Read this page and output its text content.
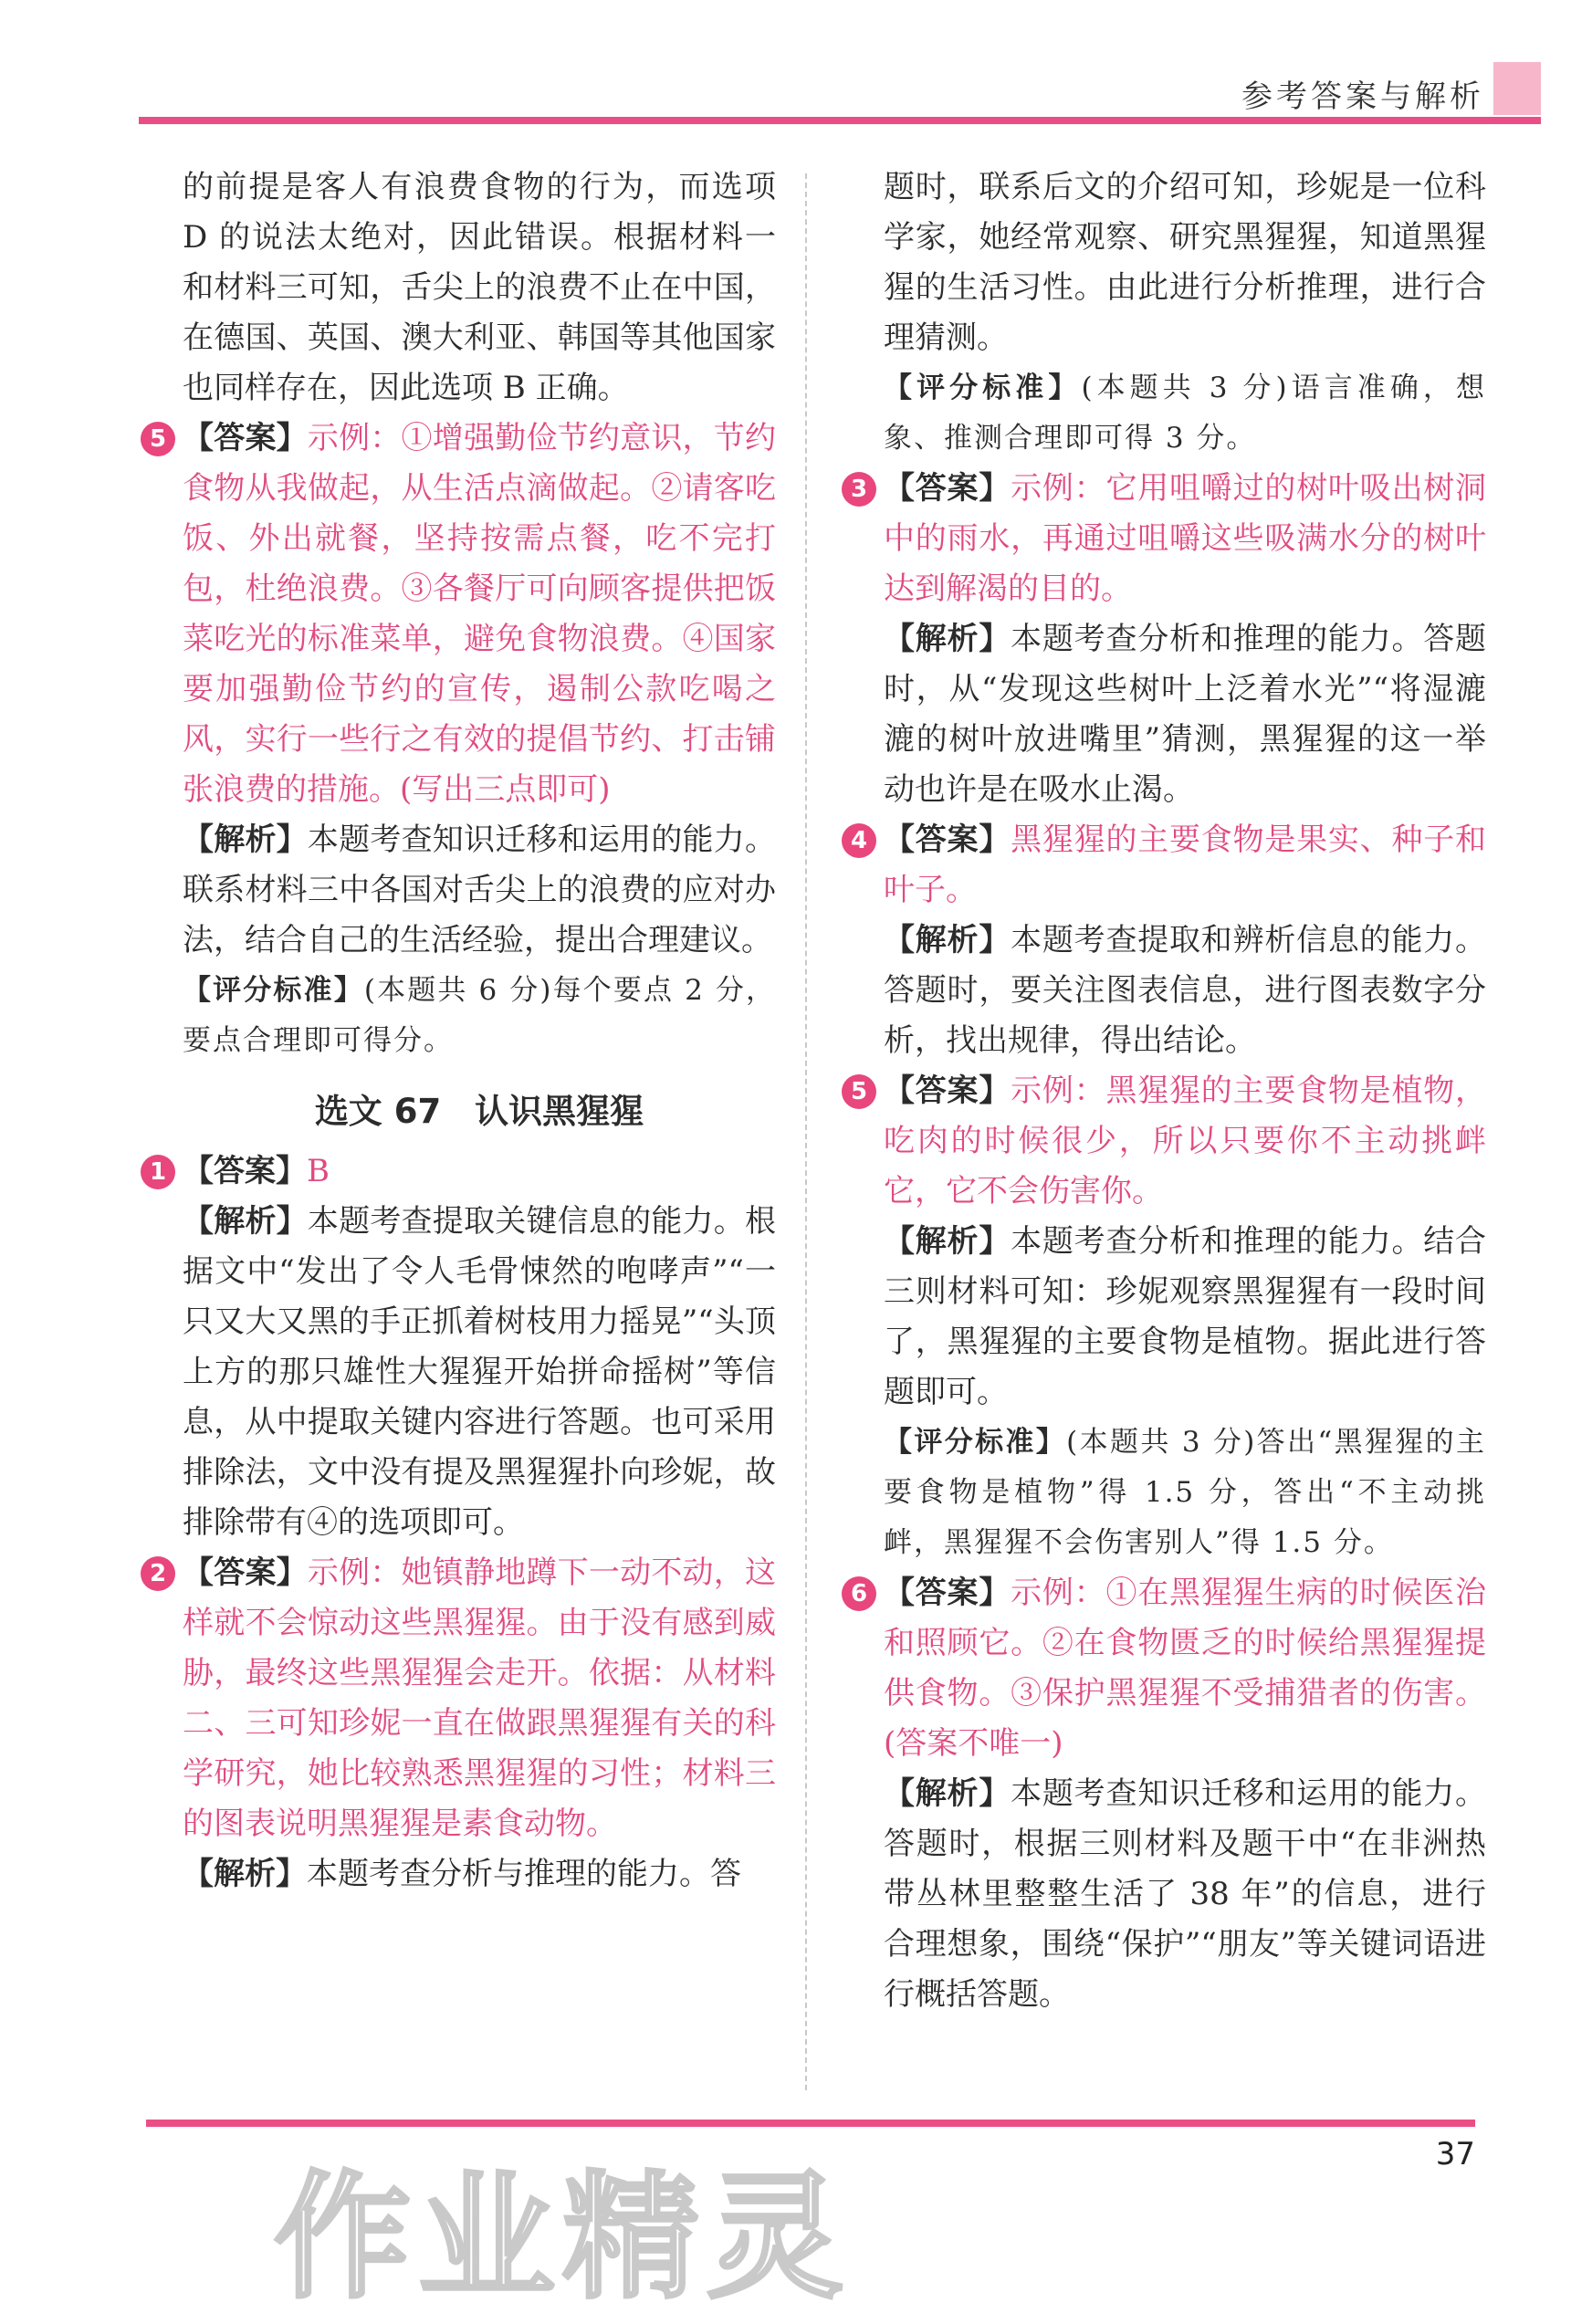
参考答案与解析

的前提是客人有浪费食物的行为，而选项 D 的说法太绝对，因此错误。根据材料一和材料三可知，舌尖上的浪费不止在中国，在德国、英国、澳大利亚、韩国等其他国家也同样存在，因此选项 B 正确。

5 【答案】示例：①增强勤俭节约意识，节约食物从我做起，从生活点滴做起。②请客吃饭、外出就餐，坚持按需点餐，吃不完打包，杜绝浪费。③各餐厅可向顾客提供把饭菜吃光的标准菜单，避免食物浪费。④国家要加强勤俭节约的宣传，遏制公款吃喝之风，实行一些行之有效的提倡节约、打击铺张浪费的措施。(写出三点即可)

【解析】本题考查知识迁移和运用的能力。联系材料三中各国对舌尖上的浪费的应对办法，结合自己的生活经验，提出合理建议。

【评分标准】(本题共 6 分)每个要点 2 分，要点合理即可得分。

选文 67　认识黑猩猩

1 【答案】B

【解析】本题考查提取关键信息的能力。根据文中“发出了令人毛骨悚然的咆哮声”“一只又大又黑的手正抓着树枝用力摇晃”“头顶上方的那只雄性大猩猩开始拼命摇树”等信息，从中提取关键内容进行答题。也可采用排除法，文中没有提及黑猩猩扑向珍妮，故排除带有④的选项即可。

2 【答案】示例：她镇静地蹲下一动不动，这样就不会惊动这些黑猩猩。由于没有感到威胁，最终这些黑猩猩会走开。依据：从材料二、三可知珍妮一直在做跟黑猩猩有关的科学研究，她比较熟悉黑猩猩的习性；材料三的图表说明黑猩猩是素食动物。

【解析】本题考查分析与推理的能力。答

题时，联系后文的介绍可知，珍妮是一位科学家，她经常观察、研究黑猩猩，知道黑猩猩的生活习性。由此进行分析推理，进行合理猜测。

【评分标准】(本题共 3 分)语言准确，想象、推测合理即可得 3 分。

3 【答案】示例：它用咀嚼过的树叶吸出树洞中的雨水，再通过咀嚼这些吸满水分的树叶达到解渴的目的。

【解析】本题考查分析和推理的能力。答题时，从“发现这些树叶上泛着水光”“将湿漉漉的树叶放进嘴里”猜测，黑猩猩的这一举动也许是在吸水止渴。

4 【答案】黑猩猩的主要食物是果实、种子和叶子。

【解析】本题考查提取和辨析信息的能力。答题时，要关注图表信息，进行图表数字分析，找出规律，得出结论。

5 【答案】示例：黑猩猩的主要食物是植物，吃肉的时候很少，所以只要你不主动挑衅它，它不会伤害你。

【解析】本题考查分析和推理的能力。结合三则材料可知：珍妮观察黑猩猩有一段时间了，黑猩猩的主要食物是植物。据此进行答题即可。

【评分标准】(本题共 3 分)答出“黑猩猩的主要食物是植物”得 1.5 分，答出“不主动挑衅，黑猩猩不会伤害别人”得 1.5 分。

6 【答案】示例：①在黑猩猩生病的时候医治和照顾它。②在食物匮乏的时候给黑猩猩提供食物。③保护黑猩猩不受捕猎者的伤害。(答案不唯一)

【解析】本题考查知识迁移和运用的能力。答题时，根据三则材料及题干中“在非洲热带丛林里整整生活了 38 年”的信息，进行合理想象，围绕“保护”“朋友”等关键词语进行概括答题。

37
作业精灵
